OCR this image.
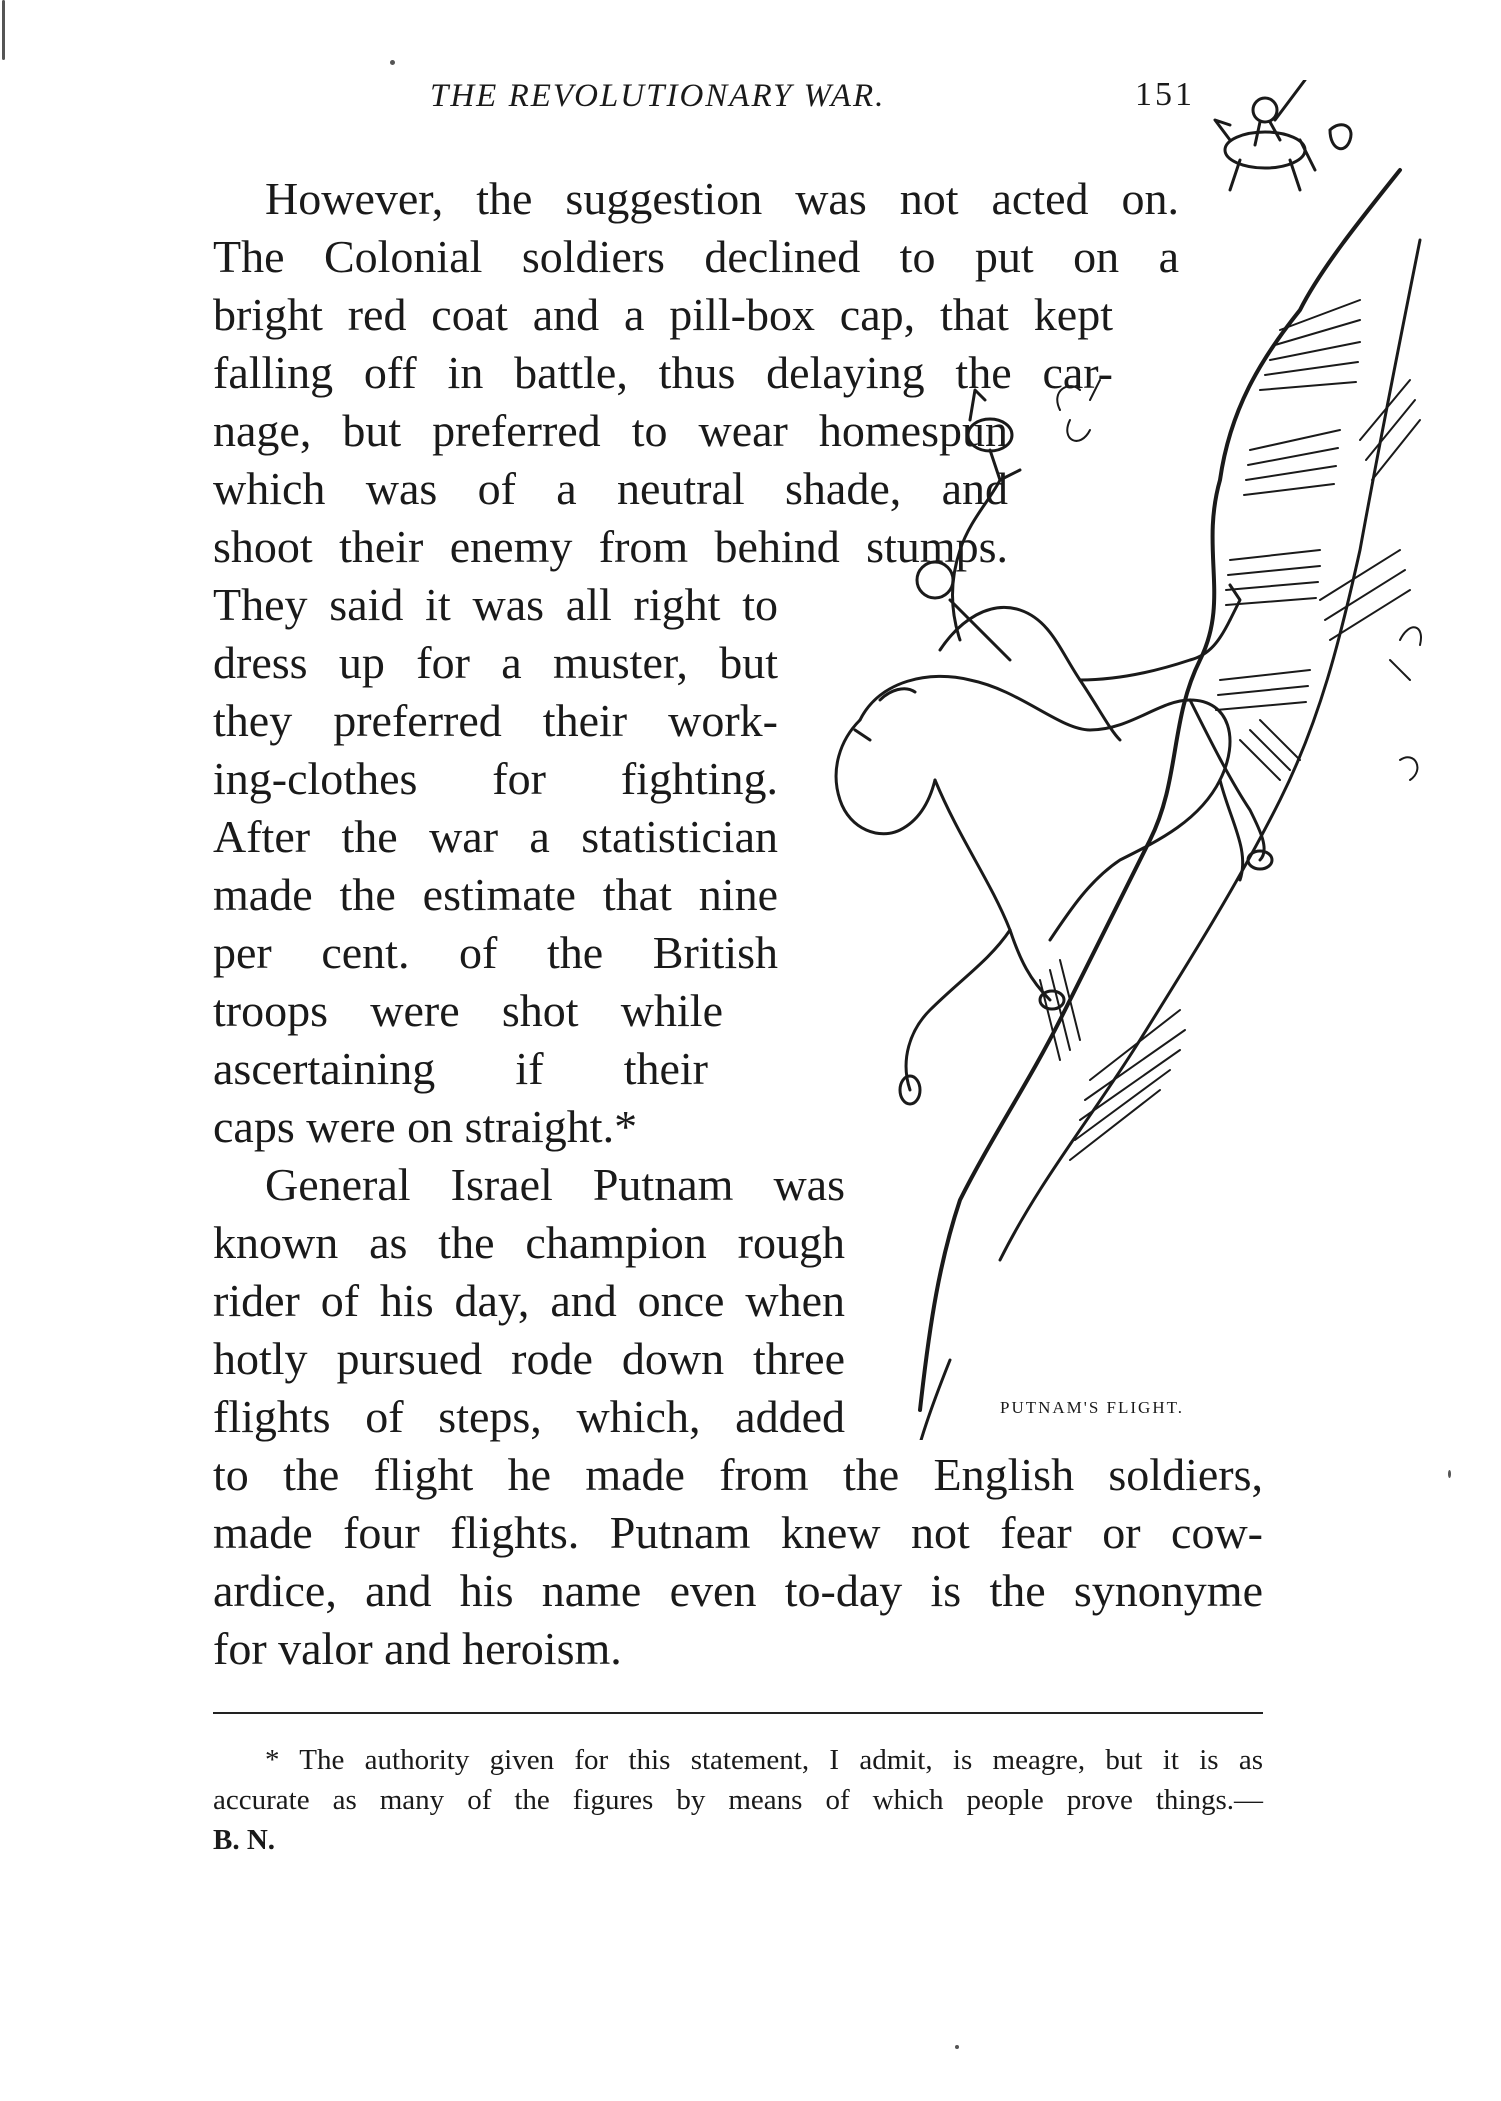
THE REVOLUTIONARY WAR.	151
However, the suggestion was not acted on.
The Colonial soldiers declined to put on a
bright red coat and a pill-box cap, that kept
falling off in battle, thus delaying the car-
nage, but preferred to wear homespun
which was of a neutral shade, and
shoot their enemy from behind stumps.
They said it was all right to
dress up for a muster, but
they preferred their work-
ing-clothes for fighting.
After the war a statistician
made the estimate that nine
per cent. of the British
troops were shot while
ascertaining if their
caps were on straight.*
General Israel Putnam was
known as the champion rough
rider of his day, and once when
hotly pursued rode down three
flights of steps, which, added
to the flight he made from the English soldiers,
made four flights. Putnam knew not fear or cow-
ardice, and his name even to-day is the synonyme
for valor and heroism.
PUTNAM'S FLIGHT.
* The authority given for this statement, I admit, is meagre, but it is as
accurate as many of the figures by means of which people prove things.—
B. N.
